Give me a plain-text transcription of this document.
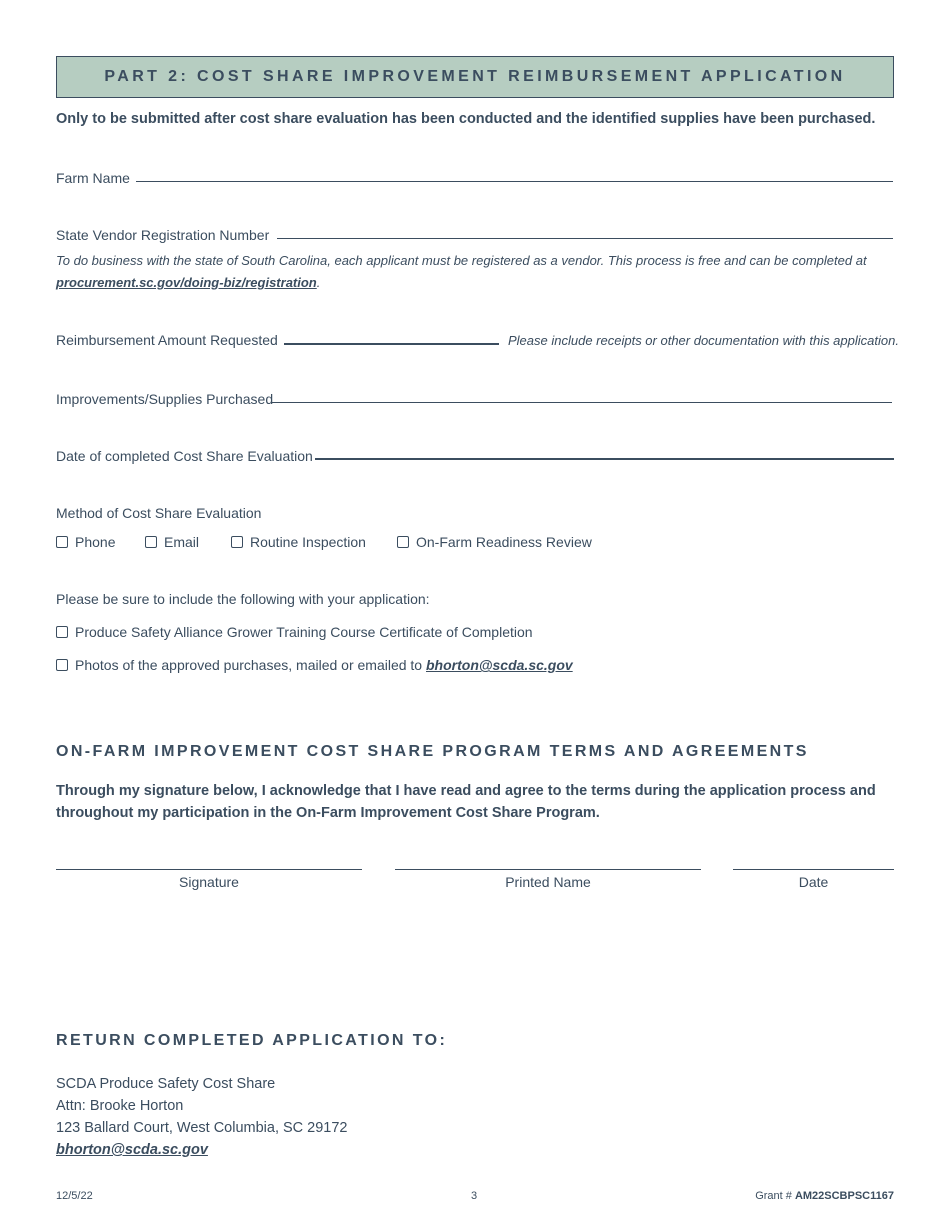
PART 2: COST SHARE IMPROVEMENT REIMBURSEMENT APPLICATION
Only to be submitted after cost share evaluation has been conducted and the identified supplies have been purchased.
Farm Name
State Vendor Registration Number
To do business with the state of South Carolina, each applicant must be registered as a vendor. This process is free and can be completed at
procurement.sc.gov/doing-biz/registration.
Reimbursement Amount Requested	Please include receipts or other documentation with this application.
Improvements/Supplies Purchased
Date of completed Cost Share Evaluation
Method of Cost Share Evaluation
Phone	Email	Routine Inspection	On-Farm Readiness Review
Please be sure to include the following with your application:
Produce Safety Alliance Grower Training Course Certificate of Completion
Photos of the approved purchases, mailed or emailed to bhorton@scda.sc.gov
ON-FARM IMPROVEMENT COST SHARE PROGRAM TERMS AND AGREEMENTS
Through my signature below, I acknowledge that I have read and agree to the terms during the application process and throughout my participation in the On-Farm Improvement Cost Share Program.
Signature	Printed Name	Date
RETURN COMPLETED APPLICATION TO:
SCDA Produce Safety Cost Share
Attn: Brooke Horton
123 Ballard Court, West Columbia, SC 29172
bhorton@scda.sc.gov
12/5/22	3	Grant # AM22SCBPSC1167
